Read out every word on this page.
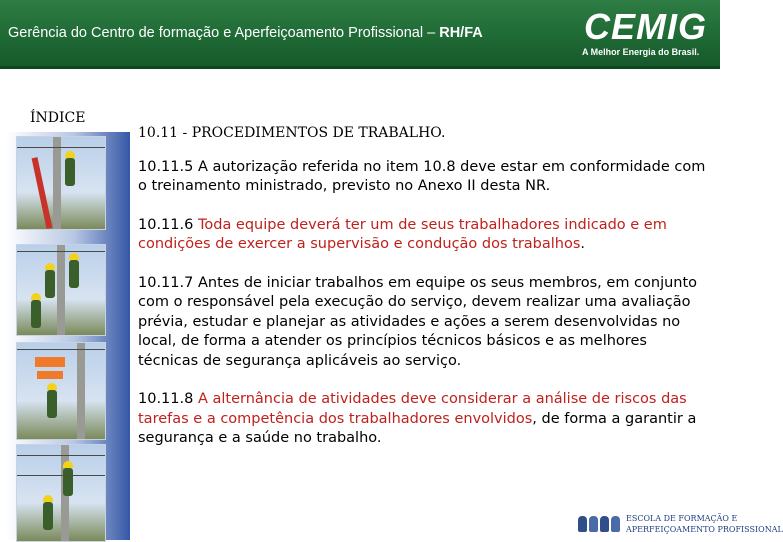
Gerência do Centro de formação e Aperfeiçoamento Profissional – RH/FA	CEMIG
A Melhor Energia do Brasil.
ÍNDICE

10.11 - PROCEDIMENTOS DE TRABALHO.

10.11.5 A autorização referida no item 10.8 deve estar em conformidade com o treinamento ministrado, previsto no Anexo II desta NR.

10.11.6 Toda equipe deverá ter um de seus trabalhadores indicado e em condições de exercer a supervisão e condução dos trabalhos.

10.11.7 Antes de iniciar trabalhos em equipe os seus membros, em conjunto com o responsável pela execução do serviço, devem realizar uma avaliação prévia, estudar e planejar as atividades e ações a serem desenvolvidas no local, de forma a atender os princípios técnicos básicos e as melhores técnicas de segurança aplicáveis ao serviço.

10.11.8 A alternância de atividades deve considerar a análise de riscos das tarefas e a competência dos trabalhadores envolvidos, de forma a garantir a segurança e a saúde no trabalho.

ESCOLA DE FORMAÇÃO E
APERFEIÇOAMENTO PROFISSIONAL
